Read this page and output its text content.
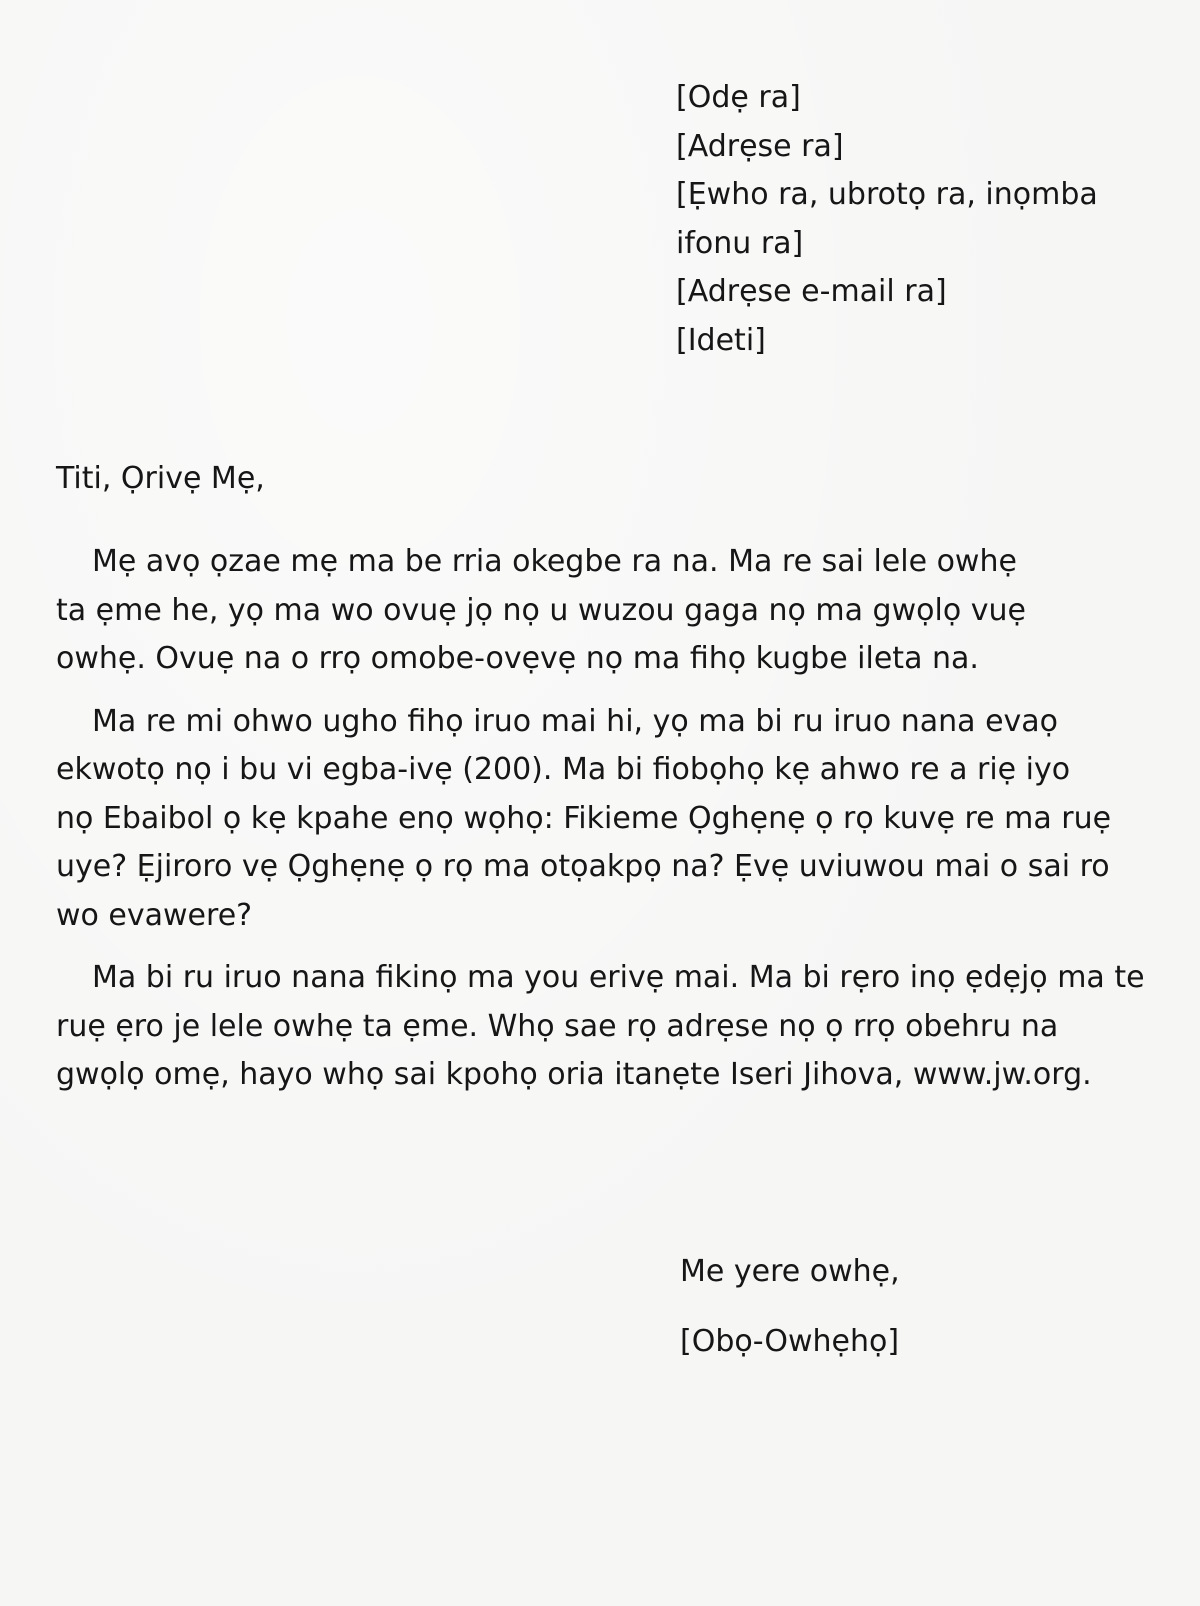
[Odẹ ra]
[Adrẹse ra]
[Ẹwho ra, ubrotọ ra, inọmba ifonu ra]
[Adrẹse e-mail ra]
[Ideti]

Titi, Ọrivẹ Mẹ,

Mẹ avọ ọzae mẹ ma be rria okegbe ra na. Ma re sai lele owhẹ ta ẹme he, yọ ma wo ovuẹ jọ nọ u wuzou gaga nọ ma gwọlọ vuẹ owhẹ. Ovuẹ na o rrọ omobe-ovẹvẹ nọ ma fihọ kugbe ileta na.

Ma re mi ohwo ugho fihọ iruo mai hi, yọ ma bi ru iruo nana evaọ ekwotọ nọ i bu vi egba-ivẹ (200). Ma bi fiobọhọ kẹ ahwo re a riẹ iyo nọ Ebaibol ọ kẹ kpahe enọ wọhọ: Fikieme Ọghẹnẹ ọ rọ kuvẹ re ma ruẹ uye? Ẹjiroro vẹ Ọghẹnẹ ọ rọ ma otọakpọ na? Ẹvẹ uviuwou mai o sai ro wo evawere?

Ma bi ru iruo nana fikinọ ma you erivẹ mai. Ma bi rẹro inọ ẹdẹjọ ma te ruẹ ẹro je lele owhẹ ta ẹme. Whọ sae rọ adrẹse nọ ọ rrọ obehru na gwọlọ omẹ, hayo whọ sai kpohọ oria itanẹte Iseri Jihova, www.jw.org.

Me yere owhẹ,

[Obọ-Owhẹhọ]
